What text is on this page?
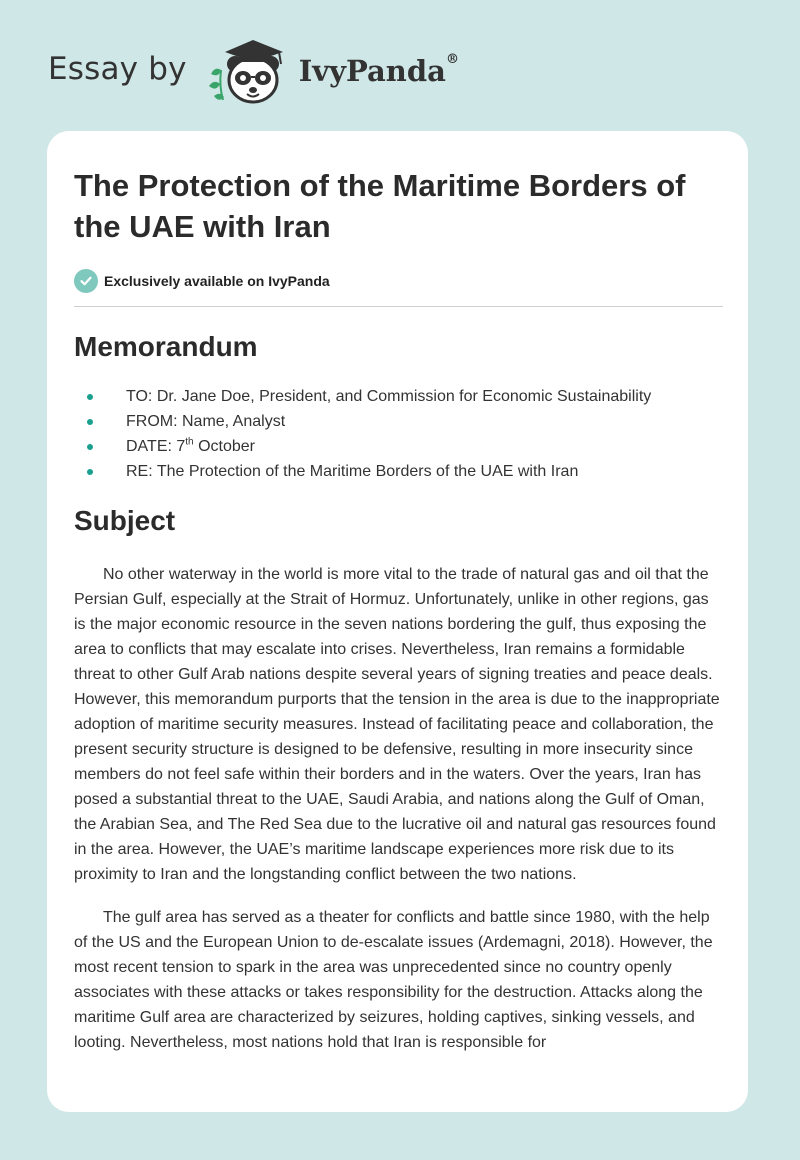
Essay by	IvyPanda®
The Protection of the Maritime Borders of the UAE with Iran
Exclusively available on IvyPanda
Memorandum
TO: Dr. Jane Doe, President, and Commission for Economic Sustainability
FROM: Name, Analyst
DATE: 7th October
RE: The Protection of the Maritime Borders of the UAE with Iran
Subject

No other waterway in the world is more vital to the trade of natural gas and oil that the Persian Gulf, especially at the Strait of Hormuz. Unfortunately, unlike in other regions, gas is the major economic resource in the seven nations bordering the gulf, thus exposing the area to conflicts that may escalate into crises. Nevertheless, Iran remains a formidable threat to other Gulf Arab nations despite several years of signing treaties and peace deals. However, this memorandum purports that the tension in the area is due to the inappropriate adoption of maritime security measures. Instead of facilitating peace and collaboration, the present security structure is designed to be defensive, resulting in more insecurity since members do not feel safe within their borders and in the waters. Over the years, Iran has posed a substantial threat to the UAE, Saudi Arabia, and nations along the Gulf of Oman, the Arabian Sea, and The Red Sea due to the lucrative oil and natural gas resources found in the area. However, the UAE’s maritime landscape experiences more risk due to its proximity to Iran and the longstanding conflict between the two nations.

The gulf area has served as a theater for conflicts and battle since 1980, with the help of the US and the European Union to de-escalate issues (Ardemagni, 2018). However, the most recent tension to spark in the area was unprecedented since no country openly associates with these attacks or takes responsibility for the destruction. Attacks along the maritime Gulf area are characterized by seizures, holding captives, sinking vessels, and looting. Nevertheless, most nations hold that Iran is responsible for
